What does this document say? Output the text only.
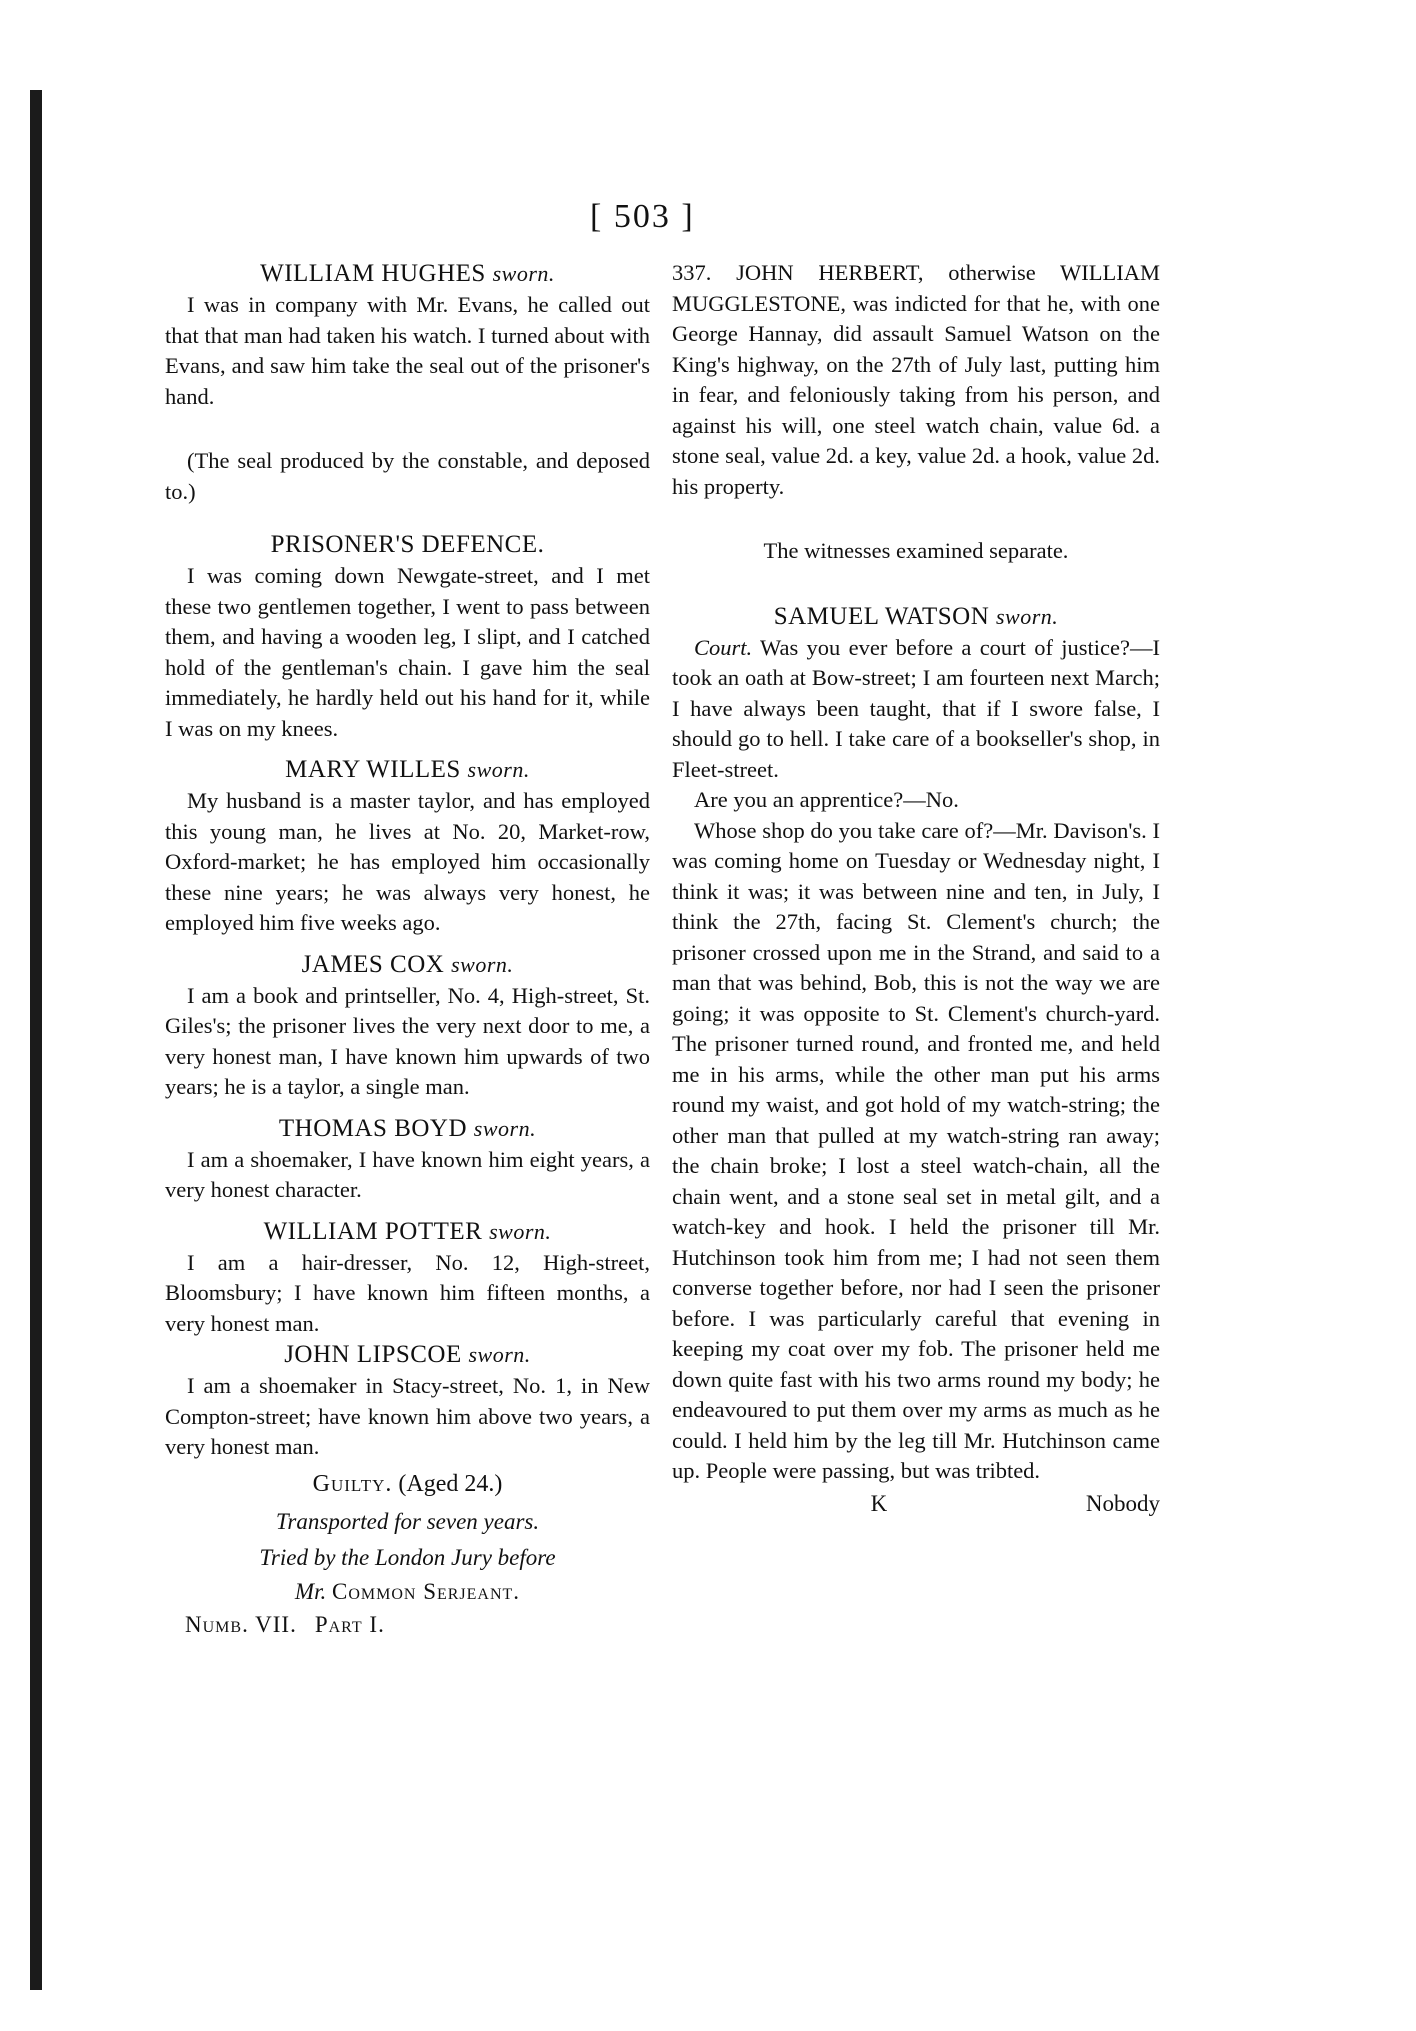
[ 503 ]
WILLIAM HUGHES sworn.

I was in company with Mr. Evans, he called out that that man had taken his watch. I turned about with Evans, and saw him take the seal out of the prisoner's hand.

(The seal produced by the constable, and deposed to.)

PRISONER'S DEFENCE.

I was coming down Newgate-street, and I met these two gentlemen together, I went to pass between them, and having a wooden leg, I slipt, and I catched hold of the gentleman's chain. I gave him the seal immediately, he hardly held out his hand for it, while I was on my knees.

MARY WILLES sworn.

My husband is a master taylor, and has employed this young man, he lives at No. 20, Market-row, Oxford-market; he has employed him occasionally these nine years; he was always very honest, he employed him five weeks ago.

JAMES COX sworn.

I am a book and printseller, No. 4, High-street, St. Giles's; the prisoner lives the very next door to me, a very honest man, I have known him upwards of two years; he is a taylor, a single man.

THOMAS BOYD sworn.

I am a shoemaker, I have known him eight years, a very honest character.

WILLIAM POTTER sworn.

I am a hair-dresser, No. 12, High-street, Bloomsbury; I have known him fifteen months, a very honest man.

JOHN LIPSCOE sworn.

I am a shoemaker in Stacy-street, No. 1, in New Compton-street; have known him above two years, a very honest man.

Guilty. (Aged 24.)
Transported for seven years.
Tried by the London Jury before
Mr. Common Serjeant.
Numb. VII. Part I.

337. JOHN HERBERT, otherwise WILLIAM MUGGLESTONE, was indicted for that he, with one George Hannay, did assault Samuel Watson on the King's highway, on the 27th of July last, putting him in fear, and feloniously taking from his person, and against his will, one steel watch chain, value 6d. a stone seal, value 2d. a key, value 2d. a hook, value 2d. his property.

The witnesses examined separate.

SAMUEL WATSON sworn.

Court. Was you ever before a court of justice?—I took an oath at Bow-street; I am fourteen next March; I have always been taught, that if I swore false, I should go to hell. I take care of a bookseller's shop, in Fleet-street.

Are you an apprentice?—No.

Whose shop do you take care of?—Mr. Davison's. I was coming home on Tuesday or Wednesday night, I think it was; it was between nine and ten, in July, I think the 27th, facing St. Clement's church; the prisoner crossed upon me in the Strand, and said to a man that was behind, Bob, this is not the way we are going; it was opposite to St. Clement's church-yard. The prisoner turned round, and fronted me, and held me in his arms, while the other man put his arms round my waist, and got hold of my watch-string; the other man that pulled at my watch-string ran away; the chain broke; I lost a steel watch-chain, all the chain went, and a stone seal set in metal gilt, and a watch-key and hook. I held the prisoner till Mr. Hutchinson took him from me; I had not seen them converse together before, nor had I seen the prisoner before. I was particularly careful that evening in keeping my coat over my fob. The prisoner held me down quite fast with his two arms round my body; he endeavoured to put them over my arms as much as he could. I held him by the leg till Mr. Hutchinson came up. People were passing, but was tribted.

K	Nobody
